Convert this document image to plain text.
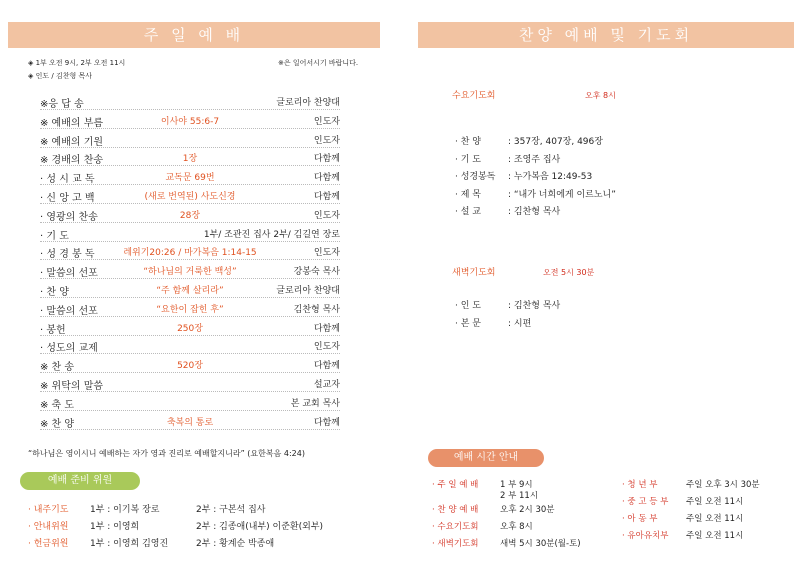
주 일 예 배
◈ 1부 오전 9시, 2부 오전 11시	※은 일어서시기 바랍니다.
◈ 인도 / 김찬형 목사
※응 답 송	글로리아 찬양대
※ 예배의 부름	이사야 55:6-7	인도자
※ 예배의 기원	인도자
※ 경배의 찬송	1장	다함께
· 성 시 교 독	교독문 69번	다함께
· 신 앙 고 백	(새로 번역된) 사도신경	다함께
· 영광의 찬송	28장	인도자
· 기 도	1부/ 조관진 집사 2부/ 김길연 장로
· 성 경 봉 독	레위기20:26 / 마가복음 1:14-15	인도자
· 말씀의 선포	“하나님의 거룩한 백성”	강봉숙 목사
· 찬 양	“주 함께 살리라”	글로리아 찬양대
· 말씀의 선포	“요한이 잡힌 후”	김찬형 목사
· 봉헌	250장	다함께
· 성도의 교제	인도자
※ 찬 송	520장	다함께
※ 위탁의 말씀	설교자
※ 축 도	본 교회 목사
※ 찬 양	축복의 통로	다함께
“하나님은 영이시니 예배하는 자가 영과 진리로 예배할지니라” (요한복음 4:24)
예배 준비 위원
· 내주기도 1부 : 이기복 장로	2부 : 구본석 집사
· 안내위원 1부 : 이영희	2부 : 김종애(내부) 이준환(외부)
· 헌금위원 1부 : 이영희 김영진	2부 : 황계순 박종애
찬양 예배 및 기도회
수요기도회	오후 8시
· 찬 양	: 357장, 407장, 496장
· 기 도	: 조영주 집사
· 성경봉독 : 누가복음 12:49-53
· 제 목	: “내가 너희에게 이르노니”
· 설 교	: 김찬형 목사
새벽기도회	오전 5시 30분
· 인 도	: 김찬형 목사
· 본 문	: 시편
예배 시간 안내
· 주 일 예 배	1 부 9시
2 부 11시
· 찬 양 예 배	오후 2시 30분
· 수요기도회	오후 8시
· 새벽기도회	새벽 5시 30분(월-토)
· 청 년 부	주일 오후 3시 30분
· 중 고 등 부 주일 오전 11시
· 아 동 부	주일 오전 11시
· 유아유치부 주일 오전 11시
